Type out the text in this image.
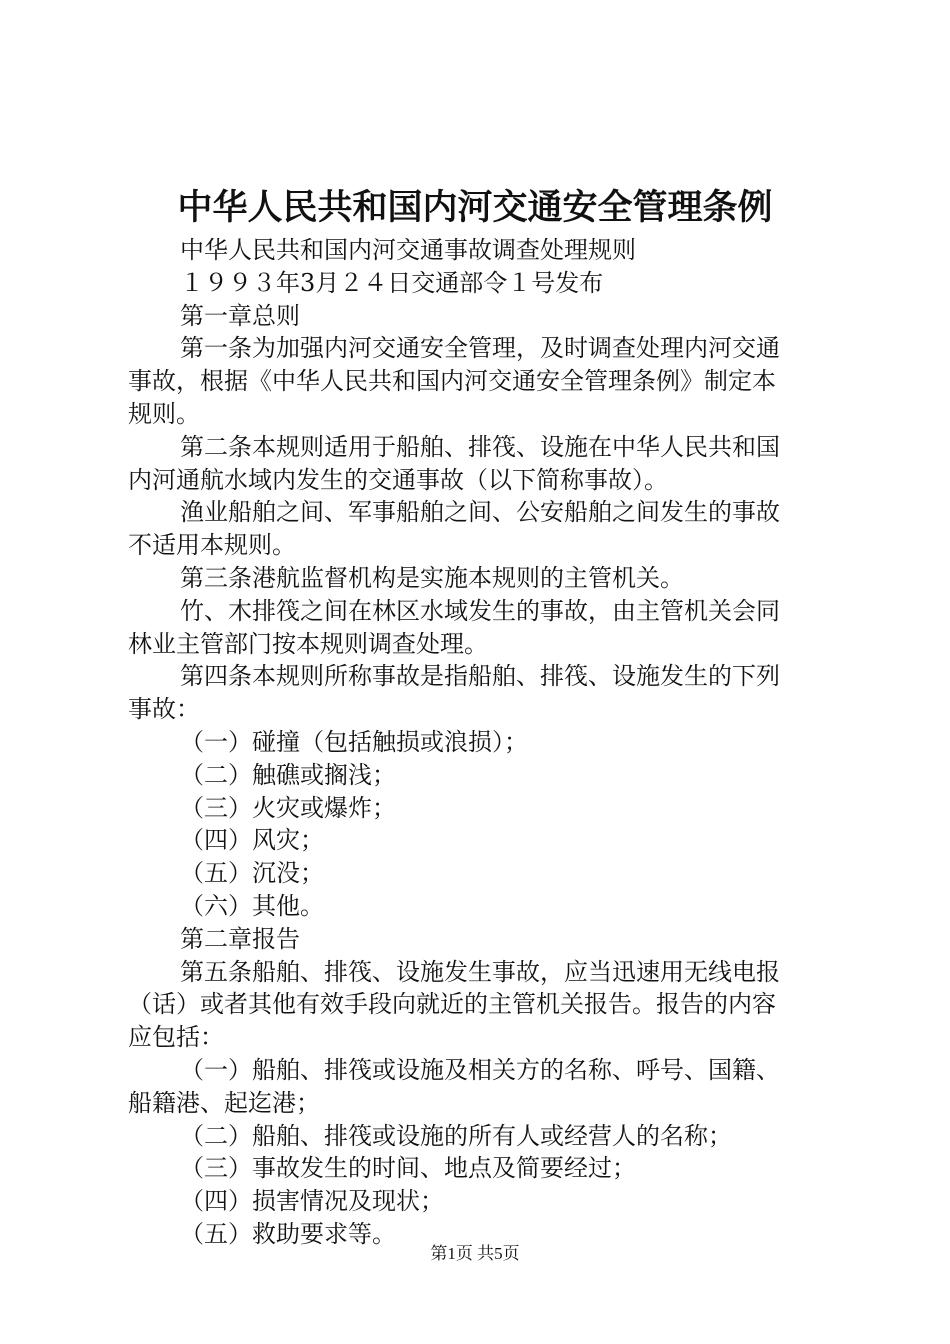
中华人民共和国内河交通安全管理条例
中华人民共和国内河交通事故调查处理规则
１９９３年3月２４日交通部令１号发布
第一章总则
第一条为加强内河交通安全管理，及时调查处理内河交通
事故，根据《中华人民共和国内河交通安全管理条例》制定本
规则。
第二条本规则适用于船舶、排筏、设施在中华人民共和国
内河通航水域内发生的交通事故（以下简称事故）。
渔业船舶之间、军事船舶之间、公安船舶之间发生的事故
不适用本规则。
第三条港航监督机构是实施本规则的主管机关。
竹、木排筏之间在林区水域发生的事故，由主管机关会同
林业主管部门按本规则调查处理。
第四条本规则所称事故是指船舶、排筏、设施发生的下列
事故：
（一）碰撞（包括触损或浪损）；
（二）触礁或搁浅；
（三）火灾或爆炸；
（四）风灾；
（五）沉没；
（六）其他。
第二章报告
第五条船舶、排筏、设施发生事故，应当迅速用无线电报
（话）或者其他有效手段向就近的主管机关报告。报告的内容
应包括：
（一）船舶、排筏或设施及相关方的名称、呼号、国籍、
船籍港、起迄港；
（二）船舶、排筏或设施的所有人或经营人的名称；
（三）事故发生的时间、地点及简要经过；
（四）损害情况及现状；
（五）救助要求等。
第1页 共5页
